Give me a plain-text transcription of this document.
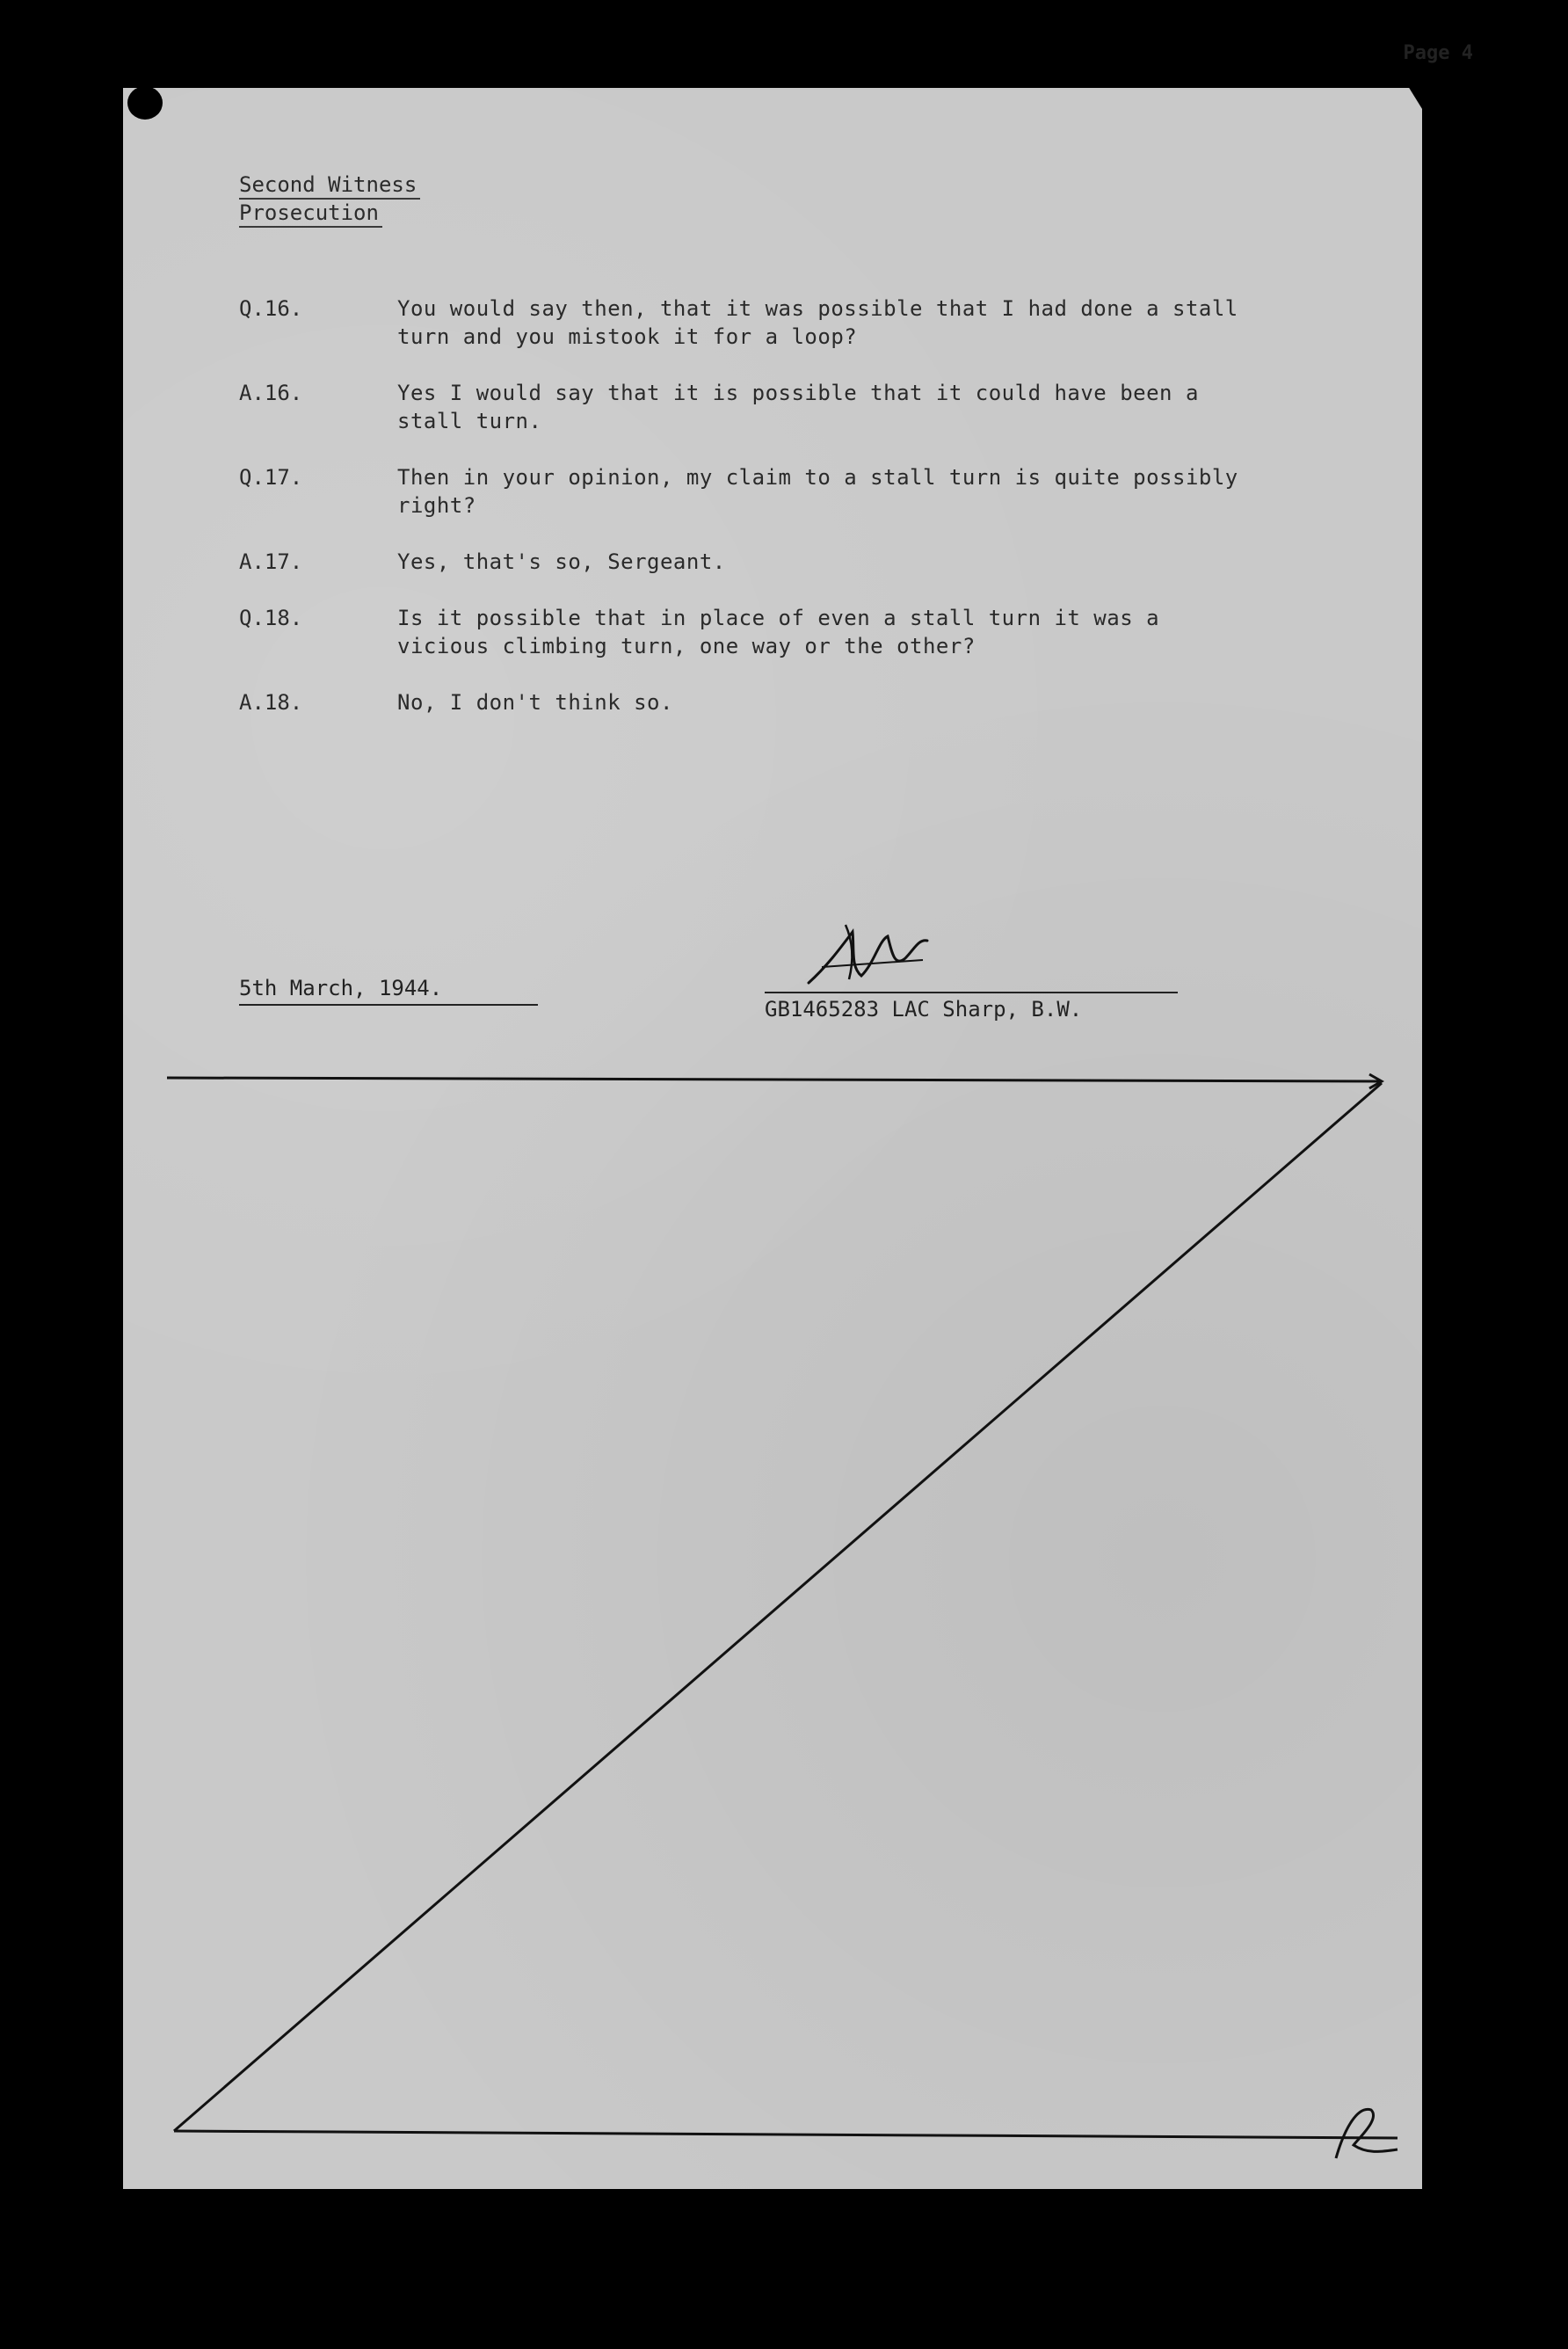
Page 4
Second Witness
Prosecution
Q.16.	You would say then, that it was possible that I had done a stall turn and you mistook it for a loop?
A.16.	Yes I would say that it is possible that it could have been a stall turn.
Q.17.	Then in your opinion, my claim to a stall turn is quite possibly right?
A.17.	Yes, that's so, Sergeant.
Q.18.	Is it possible that in place of even a stall turn it was a vicious climbing turn, one way or the other?
A.18.	No, I don't think so.
5th March, 1944.
GB1465283 LAC Sharp, B.W.
